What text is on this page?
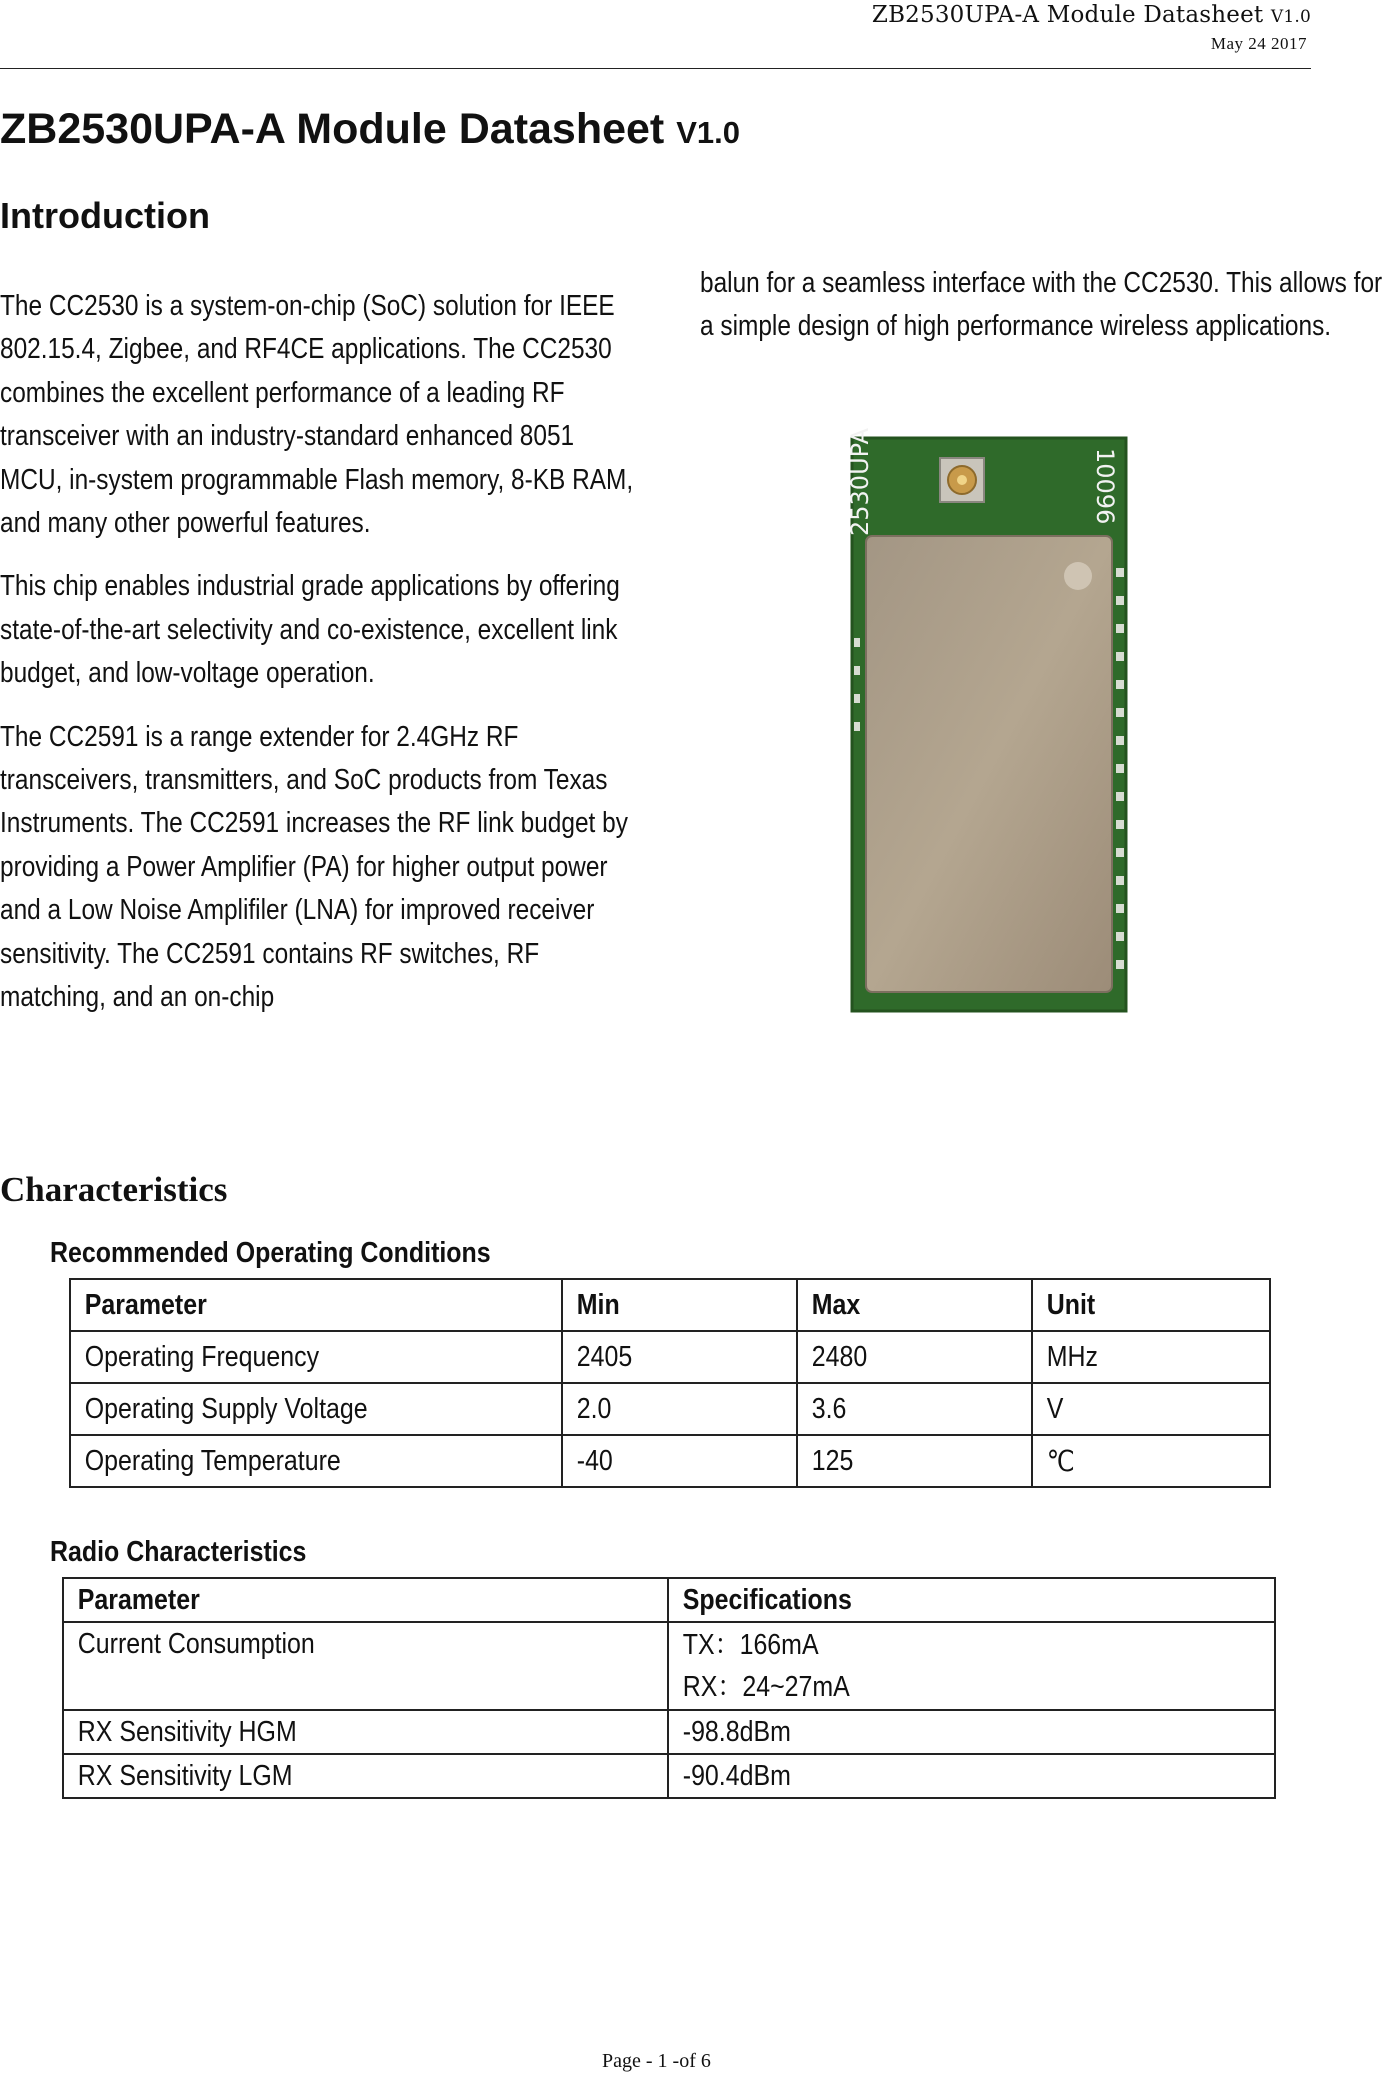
ZB2530UPA-A Module Datasheet V1.0
May 24 2017
ZB2530UPA-A Module Datasheet V1.0
Introduction

The CC2530 is a system-on-chip (SoC) solution for IEEE 802.15.4, Zigbee, and RF4CE applications. The CC2530 combines the excellent performance of a leading RF transceiver with an industry-standard enhanced 8051 MCU, in-system programmable Flash memory, 8-KB RAM, and many other powerful features.

This chip enables industrial grade applications by offering state-of-the-art selectivity and co-existence, excellent link budget, and low-voltage operation.

The CC2591 is a range extender for 2.4GHz RF transceivers, transmitters, and SoC products from Texas Instruments. The CC2591 increases the RF link budget by providing a Power Amplifier (PA) for higher output power and a Low Noise Amplifiler (LNA) for improved receiver sensitivity. The CC2591 contains RF switches, RF matching, and an on-chip

balun for a seamless interface with the CC2530. This allows for a simple design of high performance wireless applications.

2530UPA	10096
Characteristics
Recommended Operating Conditions
Parameter	Min	Max	Unit
Operating Frequency	2405	2480	MHz
Operating Supply Voltage	2.0	3.6	V
Operating Temperature	-40	125	℃
Radio Characteristics
Parameter	Specifications
Current Consumption	TX：166mA
RX：24~27mA
RX Sensitivity HGM	-98.8dBm
RX Sensitivity LGM	-90.4dBm
Page - 1 -of 6
